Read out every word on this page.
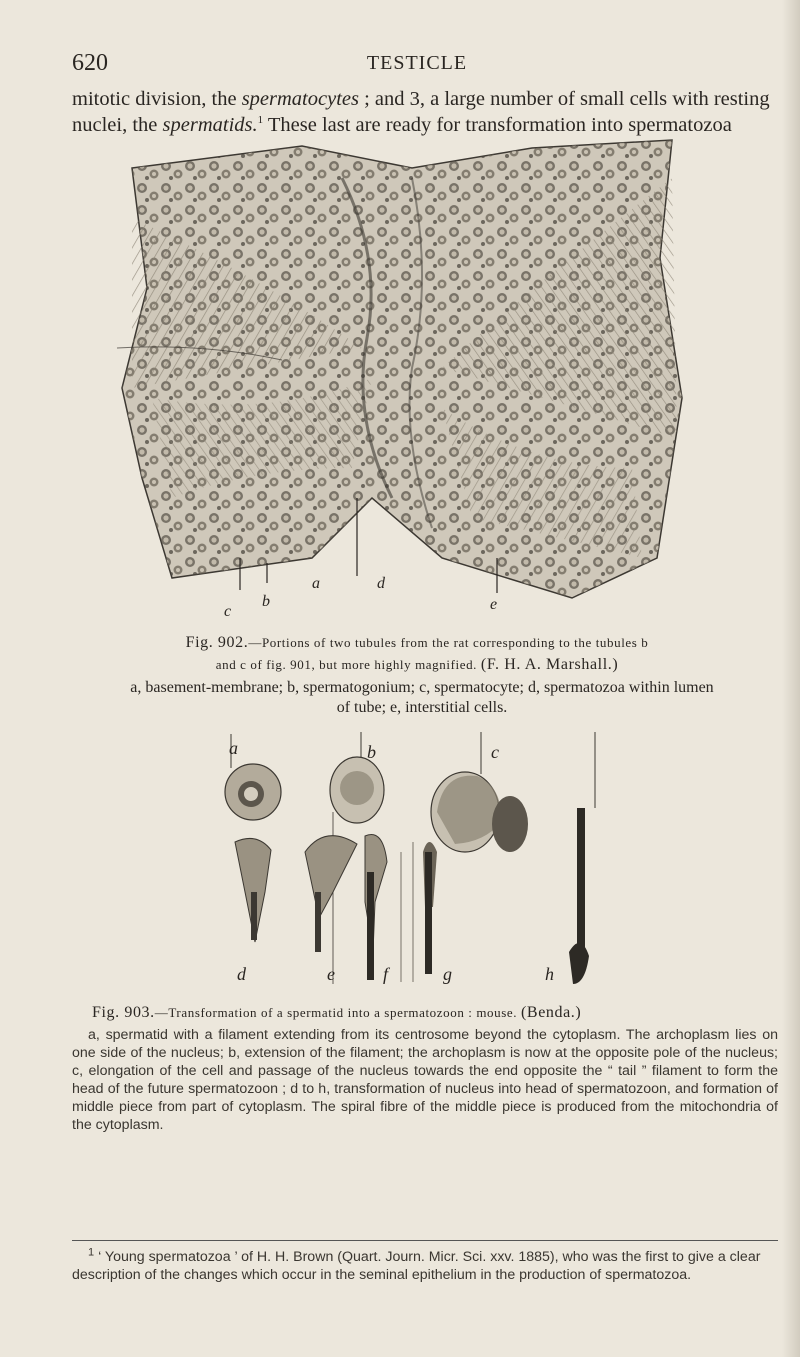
620	TESTICLE

mitotic division, the spermatocytes ; and 3, a large number of small cells with resting
nuclei, the spermatids.$^1$ These last are ready for transformation into spermatozoa

c
b
a	d
e

Fig. 902.—Portions of two tubules from the rat corresponding to the tubules b
and c of fig. 901, but more highly magnified. (F. H. A. Marshall.)

a, basement-membrane; b, spermatogonium; c, spermatocyte; d, spermatozoa within lumen
of tube; e, interstitial cells.

a	b	c
d	e	f	g	h

Fig. 903.—Transformation of a spermatid into a spermatozoon : mouse. (Benda.)

a, spermatid with a filament extending from its centrosome beyond the cytoplasm. The archoplasm lies on one side of the nucleus; b, extension of the filament; the archoplasm is now at the opposite pole of the nucleus; c, elongation of the cell and passage of the nucleus towards the end opposite the “ tail ” filament to form the head of the future spermatozoon ; d to h, transformation of nucleus into head of spermatozoon, and formation of middle piece from part of cytoplasm. The spiral fibre of the middle piece is produced from the mitochondria of the cytoplasm.

$^1$ ‘ Young spermatozoa ’ of H. H. Brown (Quart. Journ. Micr. Sci. xxv. 1885), who was the first to give a clear description of the changes which occur in the seminal epithelium in the production of spermatozoa.
